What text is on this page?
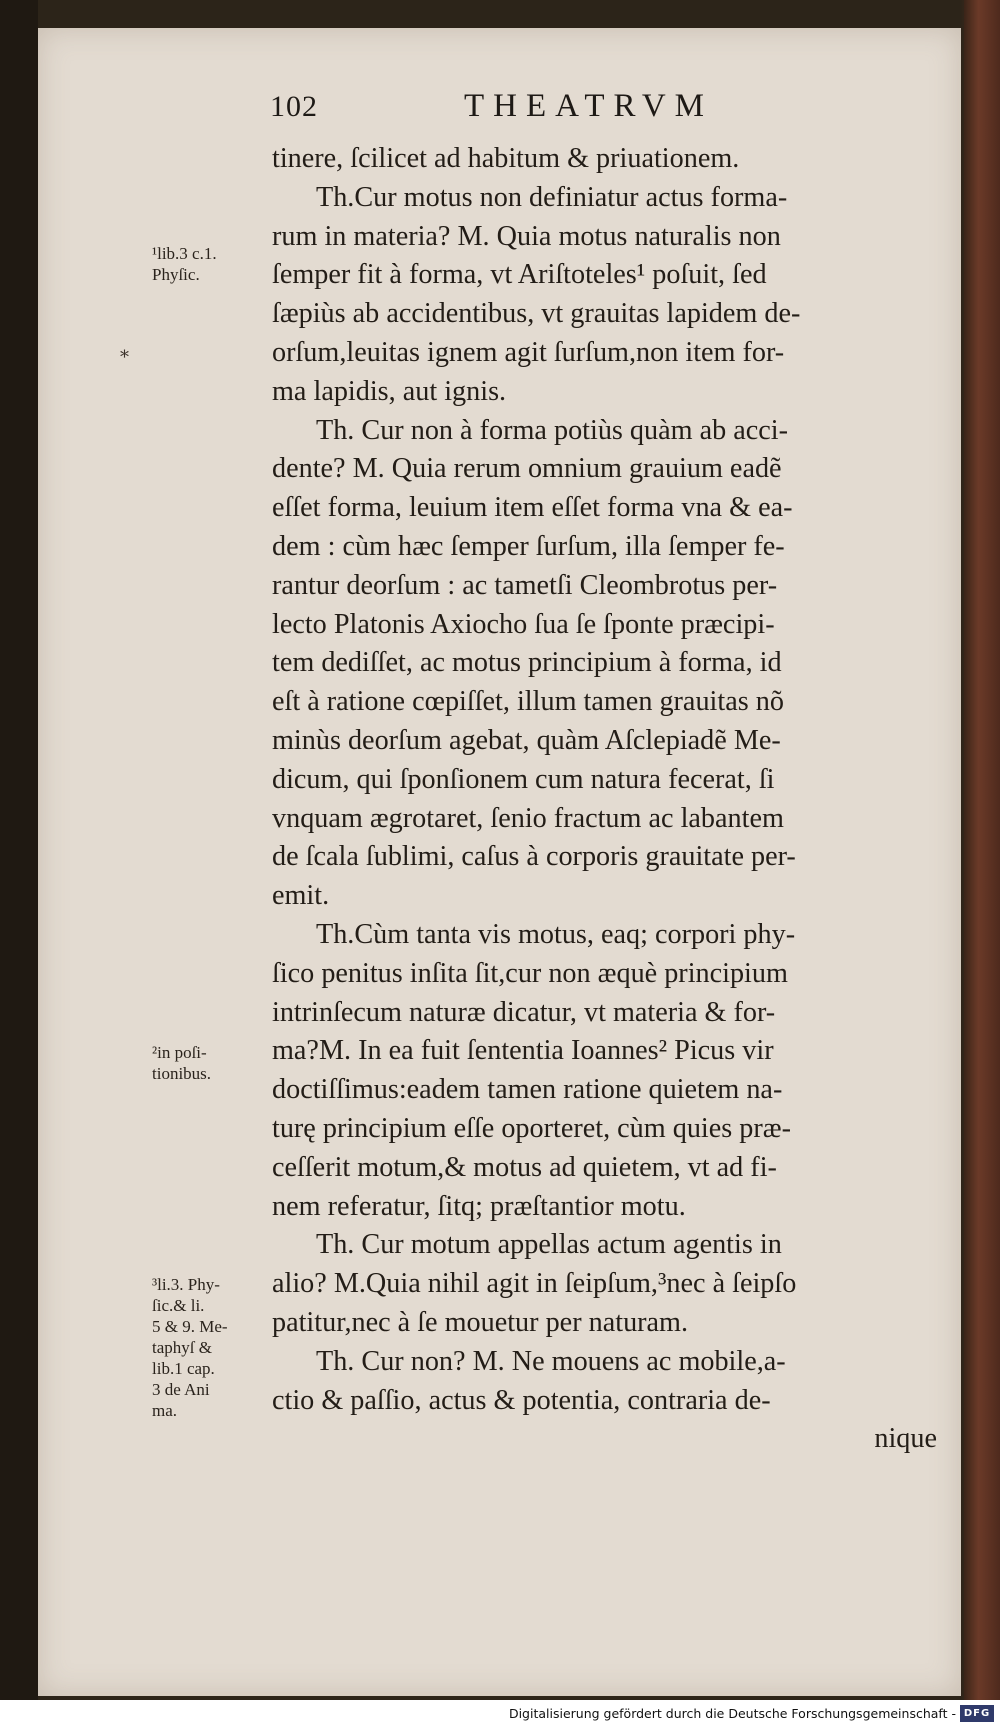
102	THEATRVM
tinere, ſcilicet ad habitum & priuationem.
Th.Cur motus non definiatur actus forma-
rum in materia? M. Quia motus naturalis non
ſemper fit à forma, vt Ariſtoteles¹ poſuit, ſed
ſæpiùs ab accidentibus, vt grauitas lapidem de-
orſum,leuitas ignem agit ſurſum,non item for-
ma lapidis, aut ignis.
Th. Cur non à forma potiùs quàm ab acci-
dente? M. Quia rerum omnium grauium eadẽ
eſſet forma, leuium item eſſet forma vna & ea-
dem : cùm hæc ſemper ſurſum, illa ſemper fe-
rantur deorſum : ac tametſi Cleombrotus per-
lecto Platonis Axiocho ſua ſe ſponte præcipi-
tem dediſſet, ac motus principium à forma, id
eſt à ratione cœpiſſet, illum tamen grauitas nõ
minùs deorſum agebat, quàm Aſclepiadẽ Me-
dicum, qui ſponſionem cum natura fecerat, ſi
vnquam ægrotaret, ſenio fractum ac labantem
de ſcala ſublimi, caſus à corporis grauitate per-
emit.
Th.Cùm tanta vis motus, eaq; corpori phy-
ſico penitus inſita ſit,cur non æquè principium
intrinſecum naturæ dicatur, vt materia & for-
ma?M. In ea fuit ſententia Ioannes² Picus vir
doctiſſimus:eadem tamen ratione quietem na-
turę principium eſſe oporteret, cùm quies præ-
ceſſerit motum,& motus ad quietem, vt ad fi-
nem referatur, ſitq; præſtantior motu.
Th. Cur motum appellas actum agentis in
alio? M.Quia nihil agit in ſeipſum,³nec à ſeipſo
patitur,nec à ſe mouetur per naturam.
Th. Cur non? M. Ne mouens ac mobile,a-
ctio & paſſio, actus & potentia, contraria de-
nique
¹lib.3 c.1.
Phyſic.
*
²in poſi-
tionibus.
³li.3. Phy-
ſic.& li.
5 & 9. Me-
taphyſ &
lib.1 cap.
3 de Ani
ma.
Digitalisierung gefördert durch die Deutsche Forschungsgemeinschaft - DFG
